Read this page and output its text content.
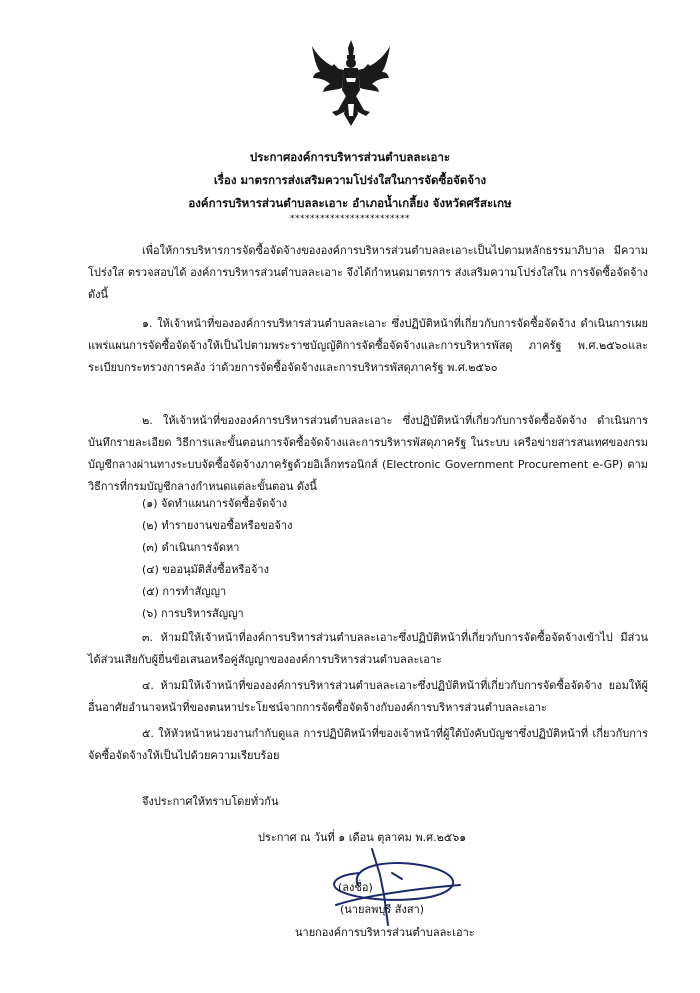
ประกาศองค์การบริหารส่วนตำบลละเอาะ
เรื่อง มาตรการส่งเสริมความโปร่งใสในการจัดซื้อจัดจ้าง
องค์การบริหารส่วนตำบลละเอาะ อำเภอน้ำเกลี้ยง จังหวัดศรีสะเกษ
************************
เพื่อให้การบริหารการจัดซื้อจัดจ้างขององค์การบริหารส่วนตำบลละเอาะเป็นไปตามหลักธรรมาภิบาล มีความโปร่งใส ตรวจสอบได้ องค์การบริหารส่วนตำบลละเอาะ จึงได้กำหนดมาตรการ ส่งเสริมความโปร่งใสใน การจัดซื้อจัดจ้าง ดังนี้
๑. ให้เจ้าหน้าที่ขององค์การบริหารส่วนตำบลละเอาะ ซึ่งปฏิบัติหน้าที่เกี่ยวกับการจัดซื้อจัดจ้าง ดำเนินการเผยแพร่แผนการจัดซื้อจัดจ้างให้เป็นไปตามพระราชบัญญัติการจัดซื้อจัดจ้างและการบริหารพัสดุ ภาครัฐ พ.ศ.๒๕๖๐และระเบียบกระทรวงการคลัง ว่าด้วยการจัดซื้อจัดจ้างและการบริหารพัสดุภาครัฐ พ.ศ.๒๕๖๐
๒. ให้เจ้าหน้าที่ขององค์การบริหารส่วนตำบลละเอาะ ซึ่งปฏิบัติหน้าที่เกี่ยวกับการจัดซื้อจัดจ้าง ดำเนินการบันทึกรายละเอียด วิธีการและขั้นตอนการจัดซื้อจัดจ้างและการบริหารพัสดุภาครัฐ ในระบบ เครือข่ายสารสนเทศของกรมบัญชีกลางผ่านทางระบบจัดซื้อจัดจ้างภาครัฐด้วยอิเล็กทรอนิกส์ (Electronic Government Procurement e-GP) ตามวิธีการที่กรมบัญชีกลางกำหนดแต่ละขั้นตอน ดังนี้
(๑) จัดทำแผนการจัดซื้อจัดจ้าง
(๒) ทำรายงานขอซื้อหรือขอจ้าง
(๓) ดำเนินการจัดหา
(๔) ขออนุมัติสั่งซื้อหรือจ้าง
(๕) การทำสัญญา
(๖) การบริหารสัญญา
๓. ห้ามมิให้เจ้าหน้าที่องค์การบริหารส่วนตำบลละเอาะซึ่งปฏิบัติหน้าที่เกี่ยวกับการจัดซื้อจัดจ้างเข้าไป มีส่วนได้ส่วนเสียกับผู้ยื่นข้อเสนอหรือคู่สัญญาขององค์การบริหารส่วนตำบลละเอาะ
๔. ห้ามมิให้เจ้าหน้าที่ขององค์การบริหารส่วนตำบลละเอาะซึ่งปฏิบัติหน้าที่เกี่ยวกับการจัดซื้อจัดจ้าง ยอมให้ผู้อื่นอาศัยอำนาจหน้าที่ของตนหาประโยชน์จากการจัดซื้อจัดจ้างกับองค์การบริหารส่วนตำบลละเอาะ
๕. ให้หัวหน้าหน่วยงานกำกับดูแล การปฏิบัติหน้าที่ของเจ้าหน้าที่ผู้ใต้บังคับบัญชาซึ่งปฏิบัติหน้าที่ เกี่ยวกับการจัดซื้อจัดจ้างให้เป็นไปด้วยความเรียบร้อย
จึงประกาศให้ทราบโดยทั่วกัน
ประกาศ ณ วันที่ ๑ เดือน ตุลาคม พ.ศ.๒๕๖๑
(ลงชื่อ)
(นายลพบุรี สังสา)
นายกองค์การบริหารส่วนตำบลละเอาะ
